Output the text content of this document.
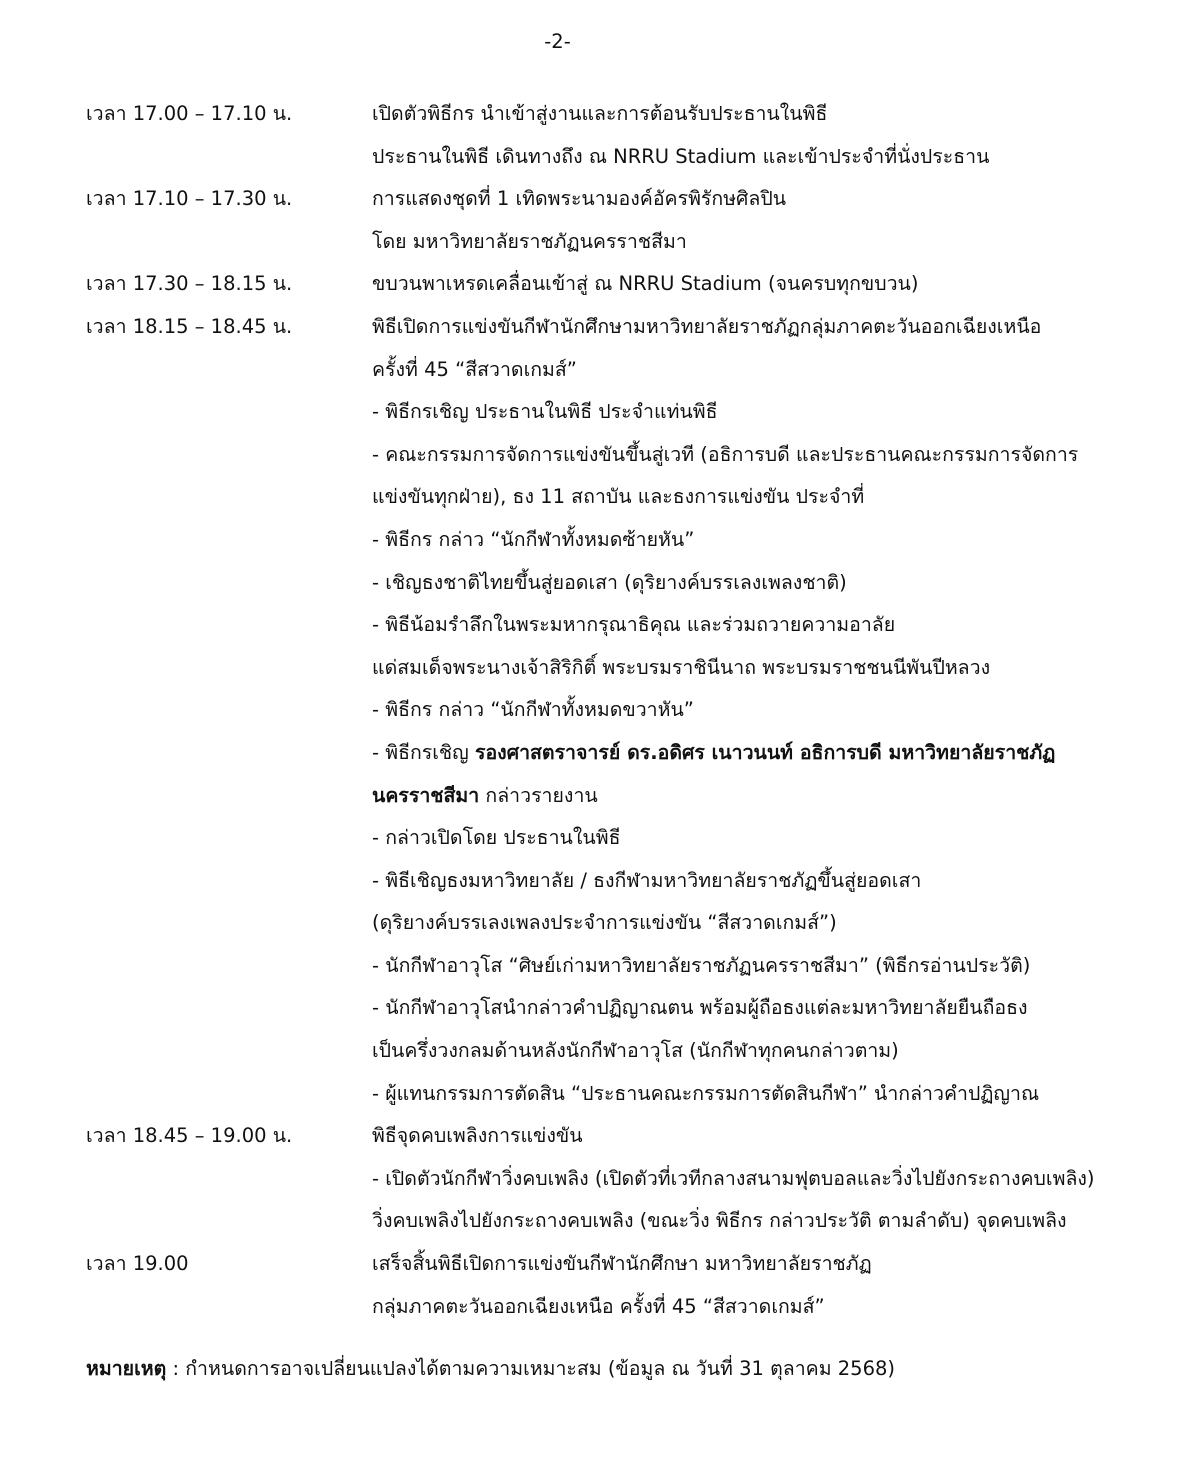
-2-
เวลา 17.00 – 17.10 น.	เปิดตัวพิธีกร นำเข้าสู่งานและการต้อนรับประธานในพิธี
ประธานในพิธี เดินทางถึง ณ NRRU Stadium และเข้าประจำที่นั่งประธาน
เวลา 17.10 – 17.30 น.	การแสดงชุดที่ 1 เทิดพระนามองค์อัครพิรักษศิลปิน
โดย มหาวิทยาลัยราชภัฏนครราชสีมา
เวลา 17.30 – 18.15 น.	ขบวนพาเหรดเคลื่อนเข้าสู่ ณ NRRU Stadium (จนครบทุกขบวน)
เวลา 18.15 – 18.45 น.	พิธีเปิดการแข่งขันกีฬานักศึกษามหาวิทยาลัยราชภัฏกลุ่มภาคตะวันออกเฉียงเหนือ
ครั้งที่ 45 “สีสวาดเกมส์”
- พิธีกรเชิญ ประธานในพิธี ประจำแท่นพิธี
- คณะกรรมการจัดการแข่งขันขึ้นสู่เวที (อธิการบดี และประธานคณะกรรมการจัดการ
แข่งขันทุกฝ่าย), ธง 11 สถาบัน และธงการแข่งขัน ประจำที่
- พิธีกร กล่าว “นักกีฬาทั้งหมดซ้ายหัน”
- เชิญธงชาติไทยขึ้นสู่ยอดเสา (ดุริยางค์บรรเลงเพลงชาติ)
- พิธีน้อมรำลึกในพระมหากรุณาธิคุณ และร่วมถวายความอาลัย
แด่สมเด็จพระนางเจ้าสิริกิติ์ พระบรมราชินีนาถ พระบรมราชชนนีพันปีหลวง
- พิธีกร กล่าว “นักกีฬาทั้งหมดขวาหัน”
- พิธีกรเชิญ รองศาสตราจารย์ ดร.อดิศร เนาวนนท์ อธิการบดี มหาวิทยาลัยราชภัฏ
นครราชสีมา กล่าวรายงาน
- กล่าวเปิดโดย ประธานในพิธี
- พิธีเชิญธงมหาวิทยาลัย / ธงกีฬามหาวิทยาลัยราชภัฏขึ้นสู่ยอดเสา
(ดุริยางค์บรรเลงเพลงประจำการแข่งขัน “สีสวาดเกมส์”)
- นักกีฬาอาวุโส “ศิษย์เก่ามหาวิทยาลัยราชภัฏนครราชสีมา” (พิธีกรอ่านประวัติ)
- นักกีฬาอาวุโสนำกล่าวคำปฏิญาณตน พร้อมผู้ถือธงแต่ละมหาวิทยาลัยยืนถือธง
เป็นครึ่งวงกลมด้านหลังนักกีฬาอาวุโส (นักกีฬาทุกคนกล่าวตาม)
- ผู้แทนกรรมการตัดสิน “ประธานคณะกรรมการตัดสินกีฬา” นำกล่าวคำปฏิญาณ
เวลา 18.45 – 19.00 น.	พิธีจุดคบเพลิงการแข่งขัน
- เปิดตัวนักกีฬาวิ่งคบเพลิง (เปิดตัวที่เวทีกลางสนามฟุตบอลและวิ่งไปยังกระถางคบเพลิง)
วิ่งคบเพลิงไปยังกระถางคบเพลิง (ขณะวิ่ง พิธีกร กล่าวประวัติ ตามลำดับ) จุดคบเพลิง
เวลา 19.00	เสร็จสิ้นพิธีเปิดการแข่งขันกีฬานักศึกษา มหาวิทยาลัยราชภัฏ
กลุ่มภาคตะวันออกเฉียงเหนือ ครั้งที่ 45 “สีสวาดเกมส์”
หมายเหตุ : กำหนดการอาจเปลี่ยนแปลงได้ตามความเหมาะสม (ข้อมูล ณ วันที่ 31 ตุลาคม 2568)
